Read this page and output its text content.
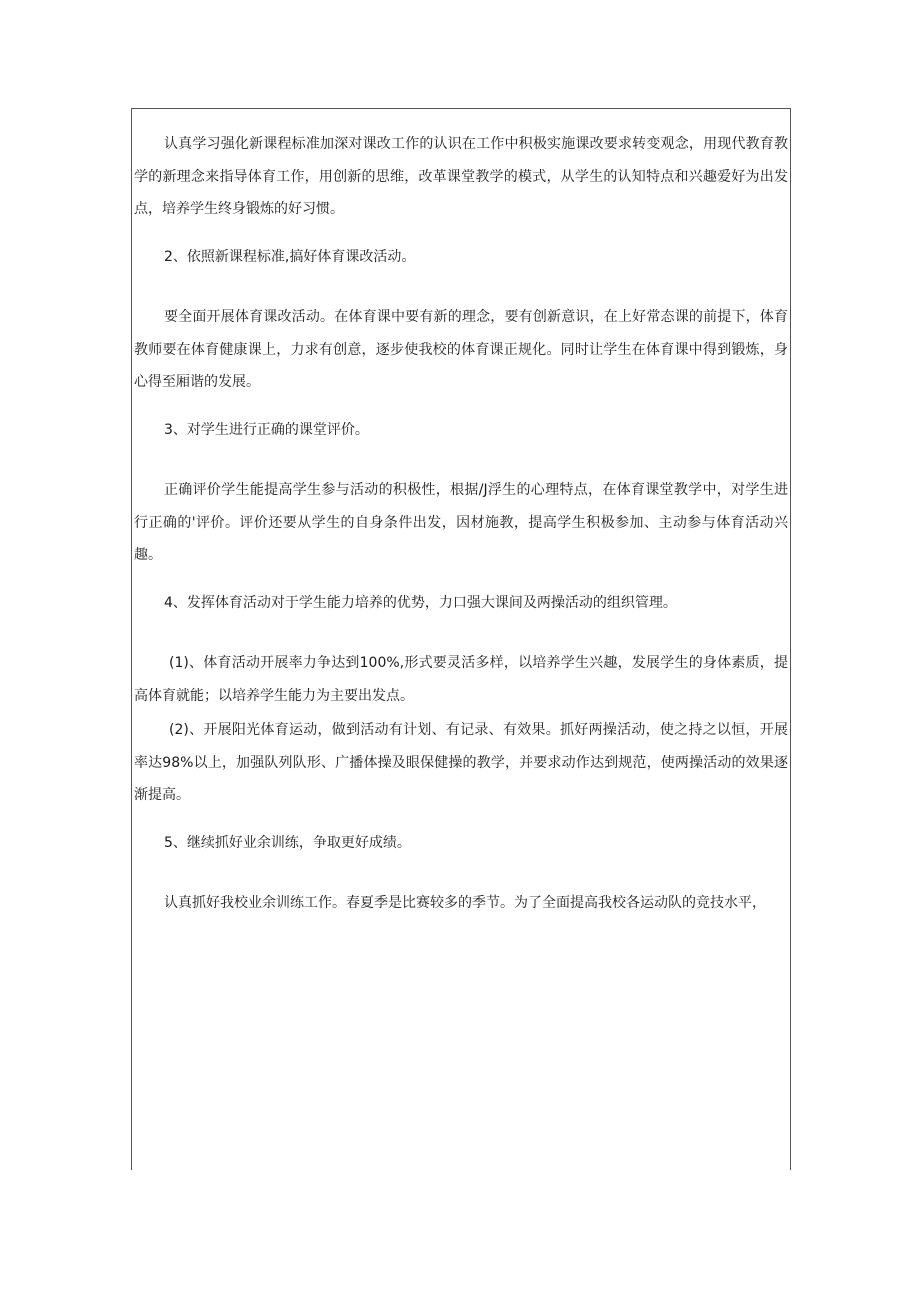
认真学习强化新课程标准加深对课改工作的认识在工作中积极实施课改要求转变观念，用现代教育教学的新理念来指导体育工作，用创新的思维，改革课堂教学的模式，从学生的认知特点和兴趣爱好为出发点，培养学生终身锻炼的好习惯。

2、依照新课程标准,搞好体育课改活动。

要全面开展体育课改活动。在体育课中要有新的理念，要有创新意识，在上好常态课的前提下，体育教师要在体育健康课上，力求有创意，逐步使我校的体育课正规化。同时让学生在体育课中得到锻炼，身心得至厢谐的发展。

3、对学生进行正确的课堂评价。

正确评价学生能提高学生参与活动的积极性，根据/J浮生的心理特点，在体育课堂教学中，对学生进行正确的'评价。评价还要从学生的自身条件出发，因材施教，提高学生积极参加、主动参与体育活动兴趣。

4、发挥体育活动对于学生能力培养的优势，力口强大课间及两操活动的组织管理。

(1)、体育活动开展率力争达到100%,形式要灵活多样，以培养学生兴趣，发展学生的身体素质，提高体育就能；以培养学生能力为主要出发点。

(2)、开展阳光体育运动，做到活动有计划、有记录、有效果。抓好两操活动，使之持之以恒，开展率达98%以上，加强队列队形、广播体操及眼保健操的教学，并要求动作达到规范，使两操活动的效果逐渐提高。

5、继续抓好业余训练，争取更好成绩。

认真抓好我校业余训练工作。春夏季是比赛较多的季节。为了全面提高我校各运动队的竞技水平，
